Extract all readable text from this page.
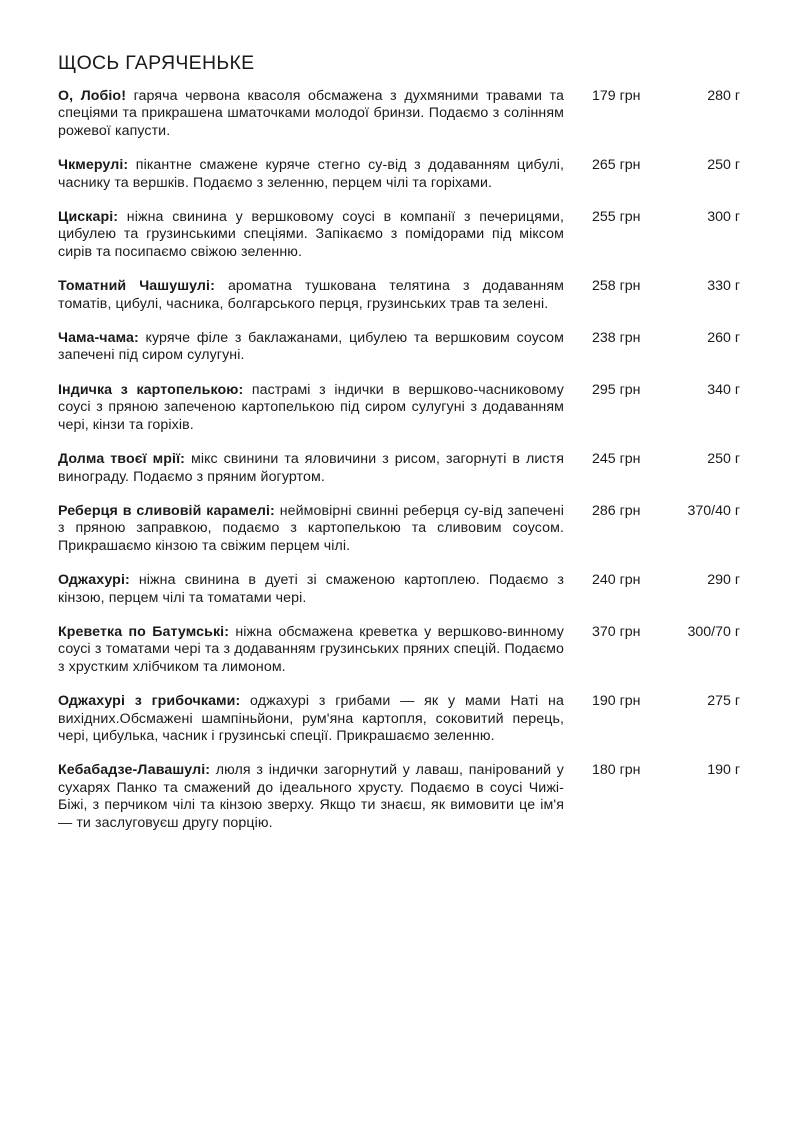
ЩОСЬ ГАРЯЧЕНЬКЕ
О, Лобіо! гаряча червона квасоля обсмажена з духмяними травами та спеціями та прикрашена шматочками молодої бринзи. Подаємо з солінням рожевої капусти.
179 грн	280 г
Чкмерулі: пікантне смажене куряче стегно су-від з додаванням цибулі, часнику та вершків. Подаємо з зеленню, перцем чілі та горіхами.
265 грн	250 г
Цискарі: ніжна свинина у вершковому соусі в компанії з печерицями, цибулею та грузинськими спеціями. Запікаємо з помідорами під міксом сирів та посипаємо свіжою зеленню.
255 грн	300 г
Томатний Чашушулі: ароматна тушкована телятина з додаванням томатів, цибулі, часника, болгарського перця, грузинських трав та зелені.
258 грн	330 г
Чама-чама: куряче філе з баклажанами, цибулею та вершковим соусом запечені під сиром сулугуні.
238 грн	260 г
Індичка з картопелькою: пастрамі з індички в вершково-часниковому соусі з пряною запеченою картопелькою під сиром сулугуні з додаванням чері, кінзи та горіхів.
295 грн	340 г
Долма твоєї мрії: мікс свинини та яловичини з рисом, загорнуті в листя винограду. Подаємо з пряним йогуртом.
245 грн	250 г
Реберця в сливовій карамелі: неймовірні свинні реберця су-від запечені з пряною заправкою, подаємо з картопелькою та сливовим соусом. Прикрашаємо кінзою та свіжим перцем чілі.
286 грн	370/40 г
Оджахурі: ніжна свинина в дуеті зі смаженою картоплею. Подаємо з кінзою, перцем чілі та томатами чері.
240 грн	290 г
Креветка по Батумські: ніжна обсмажена креветка у вершково-винному соусі з томатами чері та з додаванням грузинських пряних спецій. Подаємо з хрустким хлібчиком та лимоном.
370 грн	300/70 г
Оджахурі з грибочками: оджахурі з грибами — як у мами Наті на вихідних.Обсмажені шампіньйони, рум'яна картопля, соковитий перець, чері, цибулька, часник і грузинські спеції. Прикрашаємо зеленню.
190 грн	275 г
Кебабадзе-Лавашулі: люля з індички загорнутий у лаваш, панірований у сухарях Панко та смажений до ідеального хрусту. Подаємо в соусі Чижі-Біжі, з перчиком чілі та кінзою зверху. Якщо ти знаєш, як вимовити це ім'я — ти заслуговуєш другу порцію.
180 грн	190 г
